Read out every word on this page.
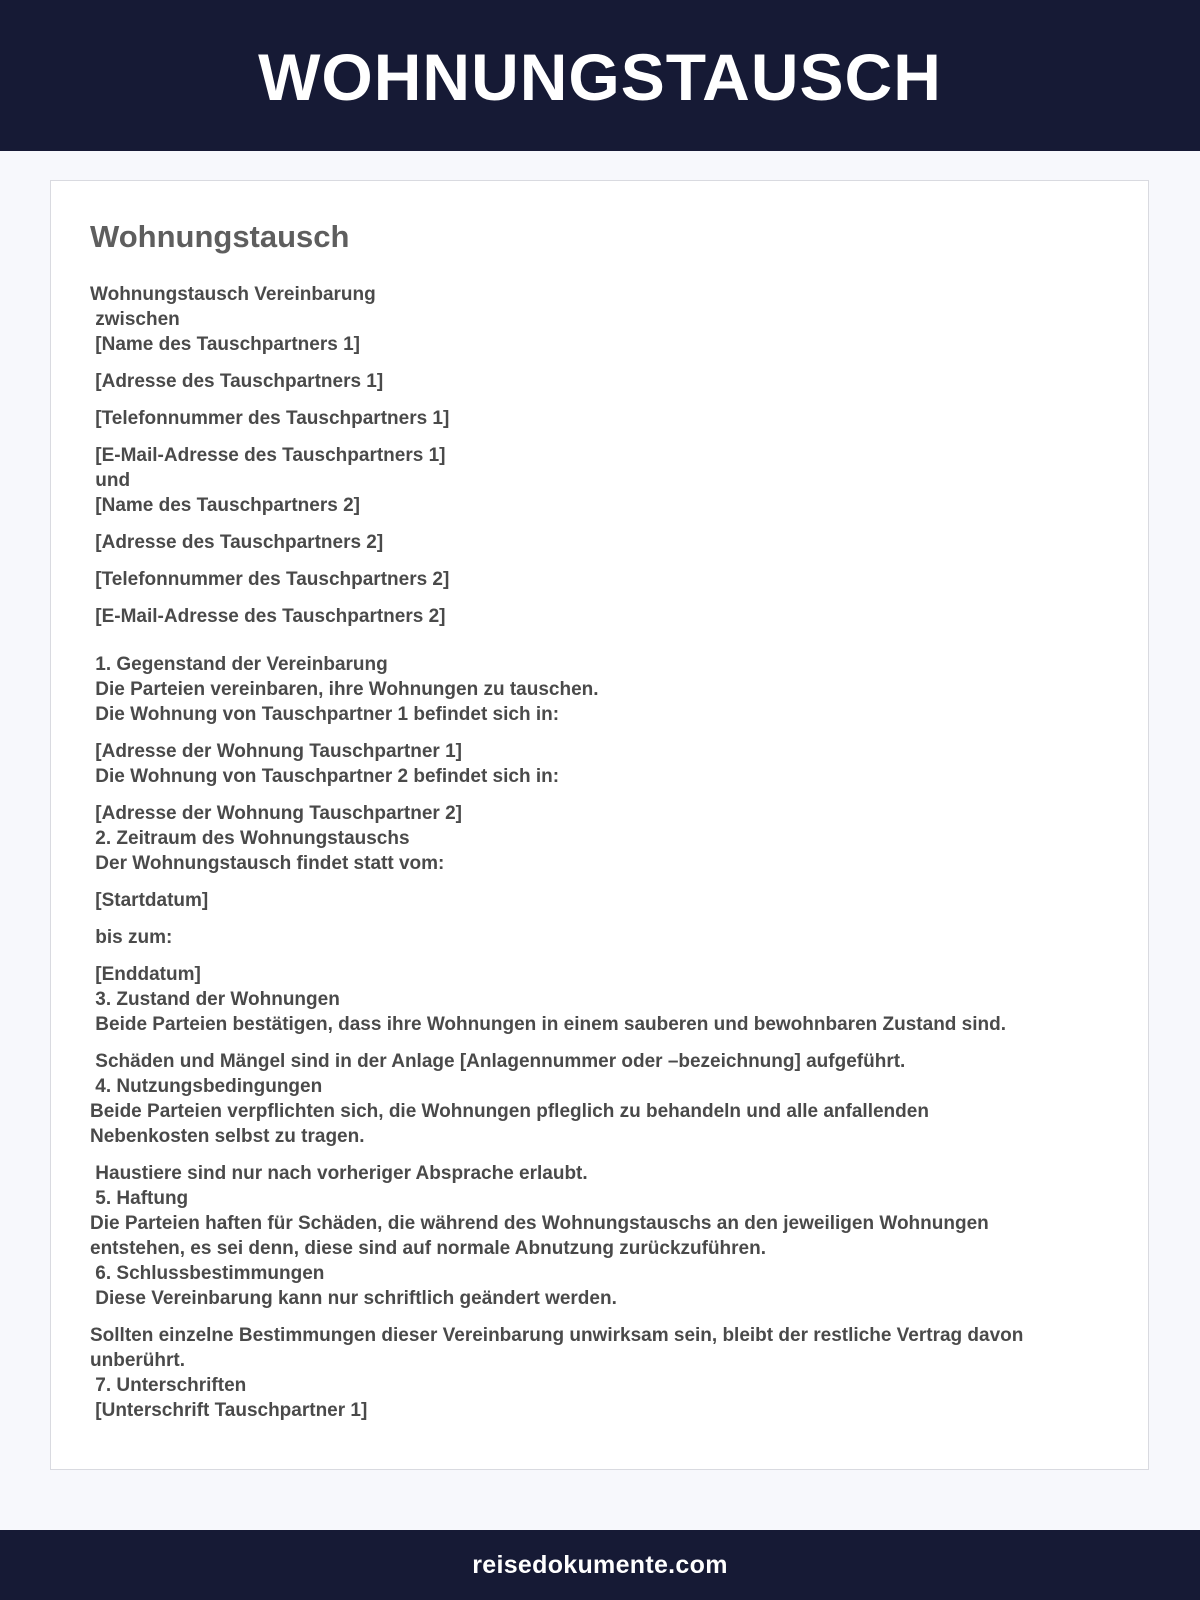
WOHNUNGSTAUSCH
Wohnungstausch
Wohnungstausch Vereinbarung
zwischen
[Name des Tauschpartners 1]
[Adresse des Tauschpartners 1]
[Telefonnummer des Tauschpartners 1]
[E-Mail-Adresse des Tauschpartners 1]
und
[Name des Tauschpartners 2]
[Adresse des Tauschpartners 2]
[Telefonnummer des Tauschpartners 2]
[E-Mail-Adresse des Tauschpartners 2]
1. Gegenstand der Vereinbarung
Die Parteien vereinbaren, ihre Wohnungen zu tauschen.
Die Wohnung von Tauschpartner 1 befindet sich in:
[Adresse der Wohnung Tauschpartner 1]
Die Wohnung von Tauschpartner 2 befindet sich in:
[Adresse der Wohnung Tauschpartner 2]
2. Zeitraum des Wohnungstauschs
Der Wohnungstausch findet statt vom:
[Startdatum]
bis zum:
[Enddatum]
3. Zustand der Wohnungen
Beide Parteien bestätigen, dass ihre Wohnungen in einem sauberen und bewohnbaren Zustand sind.
Schäden und Mängel sind in der Anlage [Anlagennummer oder –bezeichnung] aufgeführt.
4. Nutzungsbedingungen
Beide Parteien verpflichten sich, die Wohnungen pfleglich zu behandeln und alle anfallenden
Nebenkosten selbst zu tragen.
Haustiere sind nur nach vorheriger Absprache erlaubt.
5. Haftung
Die Parteien haften für Schäden, die während des Wohnungstauschs an den jeweiligen Wohnungen
entstehen, es sei denn, diese sind auf normale Abnutzung zurückzuführen.
6. Schlussbestimmungen
Diese Vereinbarung kann nur schriftlich geändert werden.
Sollten einzelne Bestimmungen dieser Vereinbarung unwirksam sein, bleibt der restliche Vertrag davon
unberührt.
7. Unterschriften
[Unterschrift Tauschpartner 1]
reisedokumente.com
